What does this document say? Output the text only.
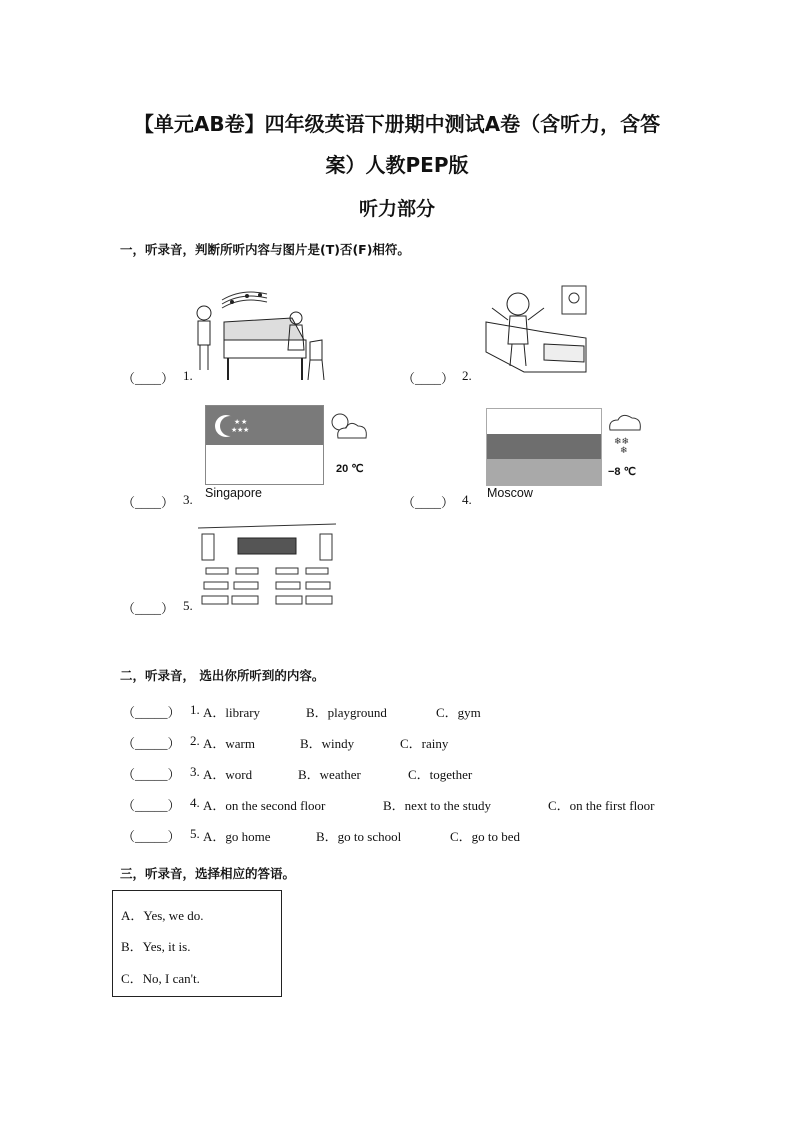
【单元AB卷】四年级英语下册期中测试A卷（含听力，含答
案）人教PEP版
听力部分
一，听录音，判断所听内容与图片是(T)否(F)相符。
（____） 1.	（____） 2.
（____） 3.
★ ★
★
★ ★
20 ℃
Singapore
（____） 4.
❄❄
❄
−8 ℃
Moscow
（____） 5.
二，听录音， 选出你所听到的内容。
（_____） 1. A．library	B．playground	C．gym
（_____） 2. A．warm	B．windy	C．rainy
（_____） 3. A．word	B．weather	C．together
（_____） 4. A．on the second floor	B．next to the study	C．on the first floor
（_____） 5. A．go home	B．go to school	C．go to bed
三，听录音，选择相应的答语。
A．Yes, we do.
B．Yes, it is.
C．No, I can't.
